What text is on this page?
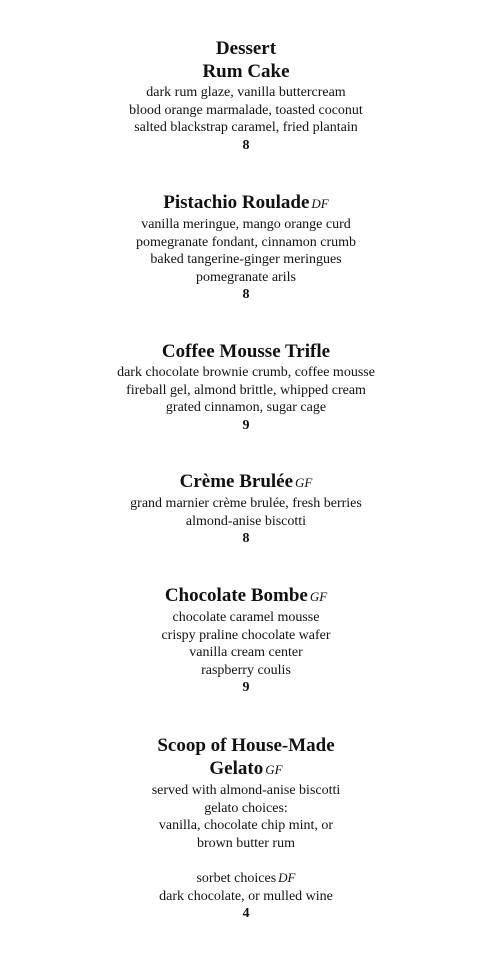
Dessert
Rum Cake
dark rum glaze, vanilla buttercream
blood orange marmalade, toasted coconut
salted blackstrap caramel, fried plantain
8
Pistachio Roulade DF
vanilla meringue, mango orange curd
pomegranate fondant, cinnamon crumb
baked tangerine-ginger meringues
pomegranate arils
8
Coffee Mousse Trifle
dark chocolate brownie crumb, coffee mousse
fireball gel, almond brittle, whipped cream
grated cinnamon, sugar cage
9
Crème Brulée GF
grand marnier crème brulée, fresh berries
almond-anise biscotti
8
Chocolate Bombe GF
chocolate caramel mousse
crispy praline chocolate wafer
vanilla cream center
raspberry coulis
9
Scoop of House-Made
Gelato GF
served with almond-anise biscotti
gelato choices:
vanilla, chocolate chip mint, or
brown butter rum
sorbet choices DF
dark chocolate, or mulled wine
4
